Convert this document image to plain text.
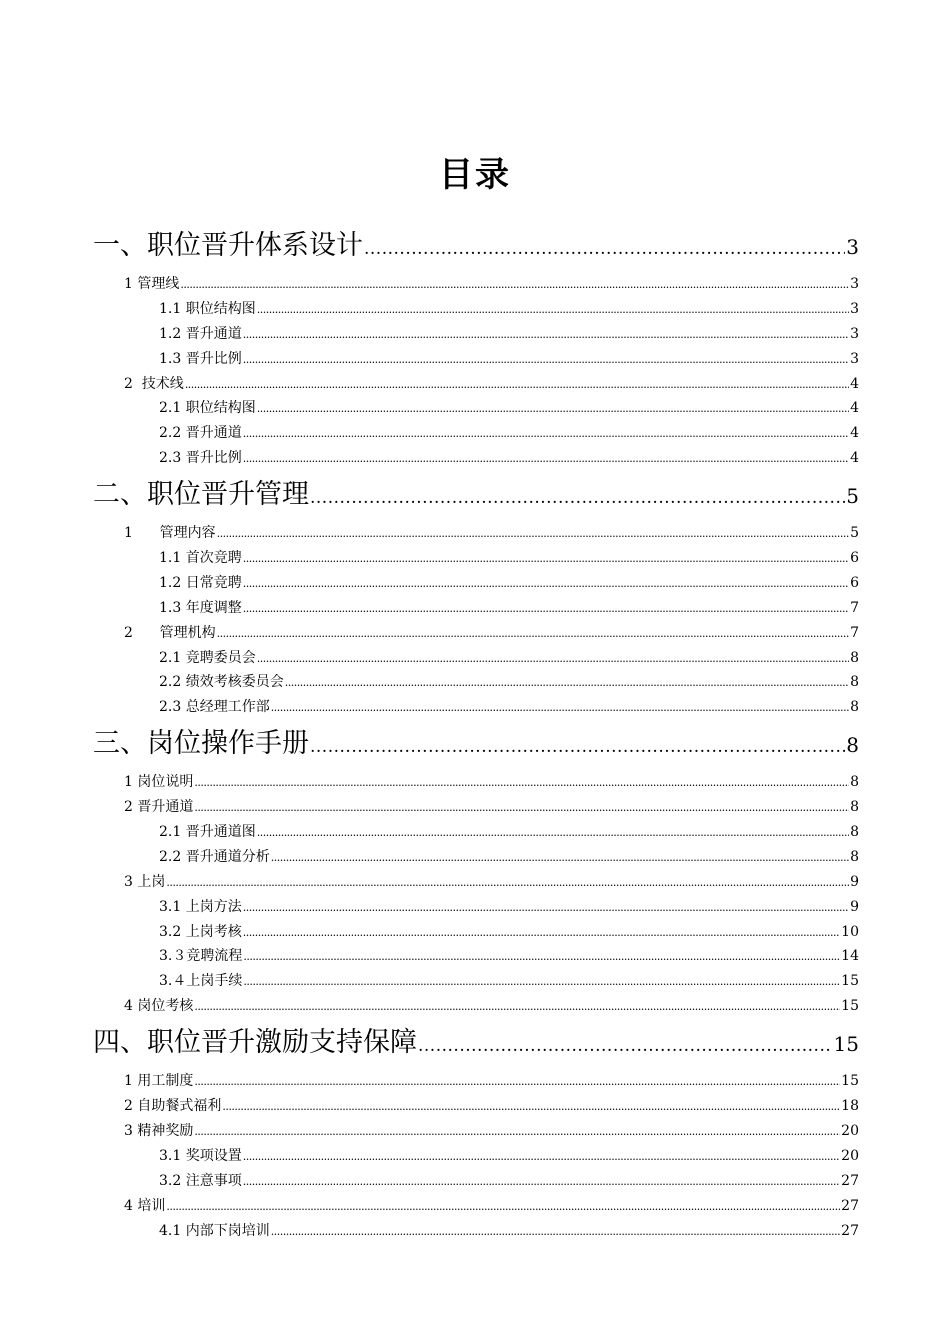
目录
一、职位晋升体系设计 .....	3
1 管理线 .....	3
1.1 职位结构图 .....	3
1.2 晋升通道 .....	3
1.3 晋升比例 .....	3
2  技术线 .....	4
2.1 职位结构图 .....	4
2.2 晋升通道 .....	4
2.3 晋升比例 .....	4
二、职位晋升管理 .....	5
1      管理内容 .....	5
1.1 首次竞聘 .....	6
1.2 日常竞聘 .....	6
1.3 年度调整 .....	7
2      管理机构 .....	7
2.1 竞聘委员会 .....	8
2.2 绩效考核委员会 .....	8
2.3 总经理工作部 .....	8
三、岗位操作手册 .....	8
1 岗位说明 .....	8
2 晋升通道 .....	8
2.1 晋升通道图 .....	8
2.2 晋升通道分析 .....	8
3 上岗 .....	9
3.1 上岗方法 .....	9
3.2 上岗考核 .....	10
3.３竞聘流程 .....	14
3.４上岗手续 .....	15
4 岗位考核 .....	15
四、职位晋升激励支持保障 .....	15
1 用工制度 .....	15
2 自助餐式福利 .....	18
3 精神奖励 .....	20
3.1 奖项设置 .....	20
3.2 注意事项 .....	27
4 培训 .....	27
4.1 内部下岗培训 .....	27
